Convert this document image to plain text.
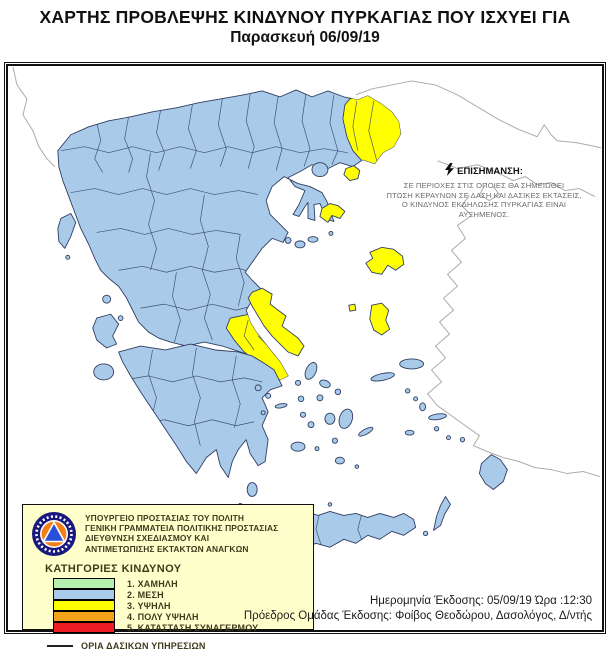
ΧΑΡΤΗΣ ΠΡΟΒΛΕΨΗΣ ΚΙΝΔΥΝΟΥ ΠΥΡΚΑΓΙΑΣ ΠΟΥ ΙΣΧΥΕΙ ΓΙΑ
Παρασκευή 06/09/19
ΕΠΙΣΗΜΑΝΣΗ:
ΣΕ ΠΕΡΙΟΧΕΣ ΣΤΙΣ ΟΠΟΙΕΣ ΘΑ ΣΗΜΕΙΩΘΕΙ
ΠΤΩΣΗ ΚΕΡΑΥΝΩΝ ΣΕ ΔΑΣΗ ΚΑΙ ΔΑΣΙΚΕΣ ΕΚΤΑΣΕΙΣ,
Ο ΚΙΝΔΥΝΟΣ ΕΚΔΗΛΩΣΗΣ ΠΥΡΚΑΓΙΑΣ ΕΙΝΑΙ ΑΥΞΗΜΕΝΟΣ.
ΥΠΟΥΡΓΕΙΟ ΠΡΟΣΤΑΣΙΑΣ ΤΟΥ ΠΟΛΙΤΗ
ΓΕΝΙΚΗ ΓΡΑΜΜΑΤΕΙΑ ΠΟΛΙΤΙΚΗΣ ΠΡΟΣΤΑΣΙΑΣ
ΔΙΕΥΘΥΝΣΗ ΣΧΕΔΙΑΣΜΟΥ ΚΑΙ
ΑΝΤΙΜΕΤΩΠΙΣΗΣ ΕΚΤΑΚΤΩΝ ΑΝΑΓΚΩΝ
ΚΑΤΗΓΟΡΙΕΣ ΚΙΝΔΥΝΟΥ
1. ΧΑΜΗΛΗ
2. ΜΕΣΗ
3. ΥΨΗΛΗ
4. ΠΟΛΥ ΥΨΗΛΗ
5. ΚΑΤΑΣΤΑΣΗ ΣΥΝΑΓΕΡΜΟΥ
ΟΡΙΑ ΔΑΣΙΚΩΝ ΥΠΗΡΕΣΙΩΝ
Ημερομηνία Έκδοσης: 05/09/19 Ώρα :12:30
Πρόεδρος Ομάδας Έκδοσης: Φοίβος Θεοδώρου, Δασολόγος, Δ/ντής
